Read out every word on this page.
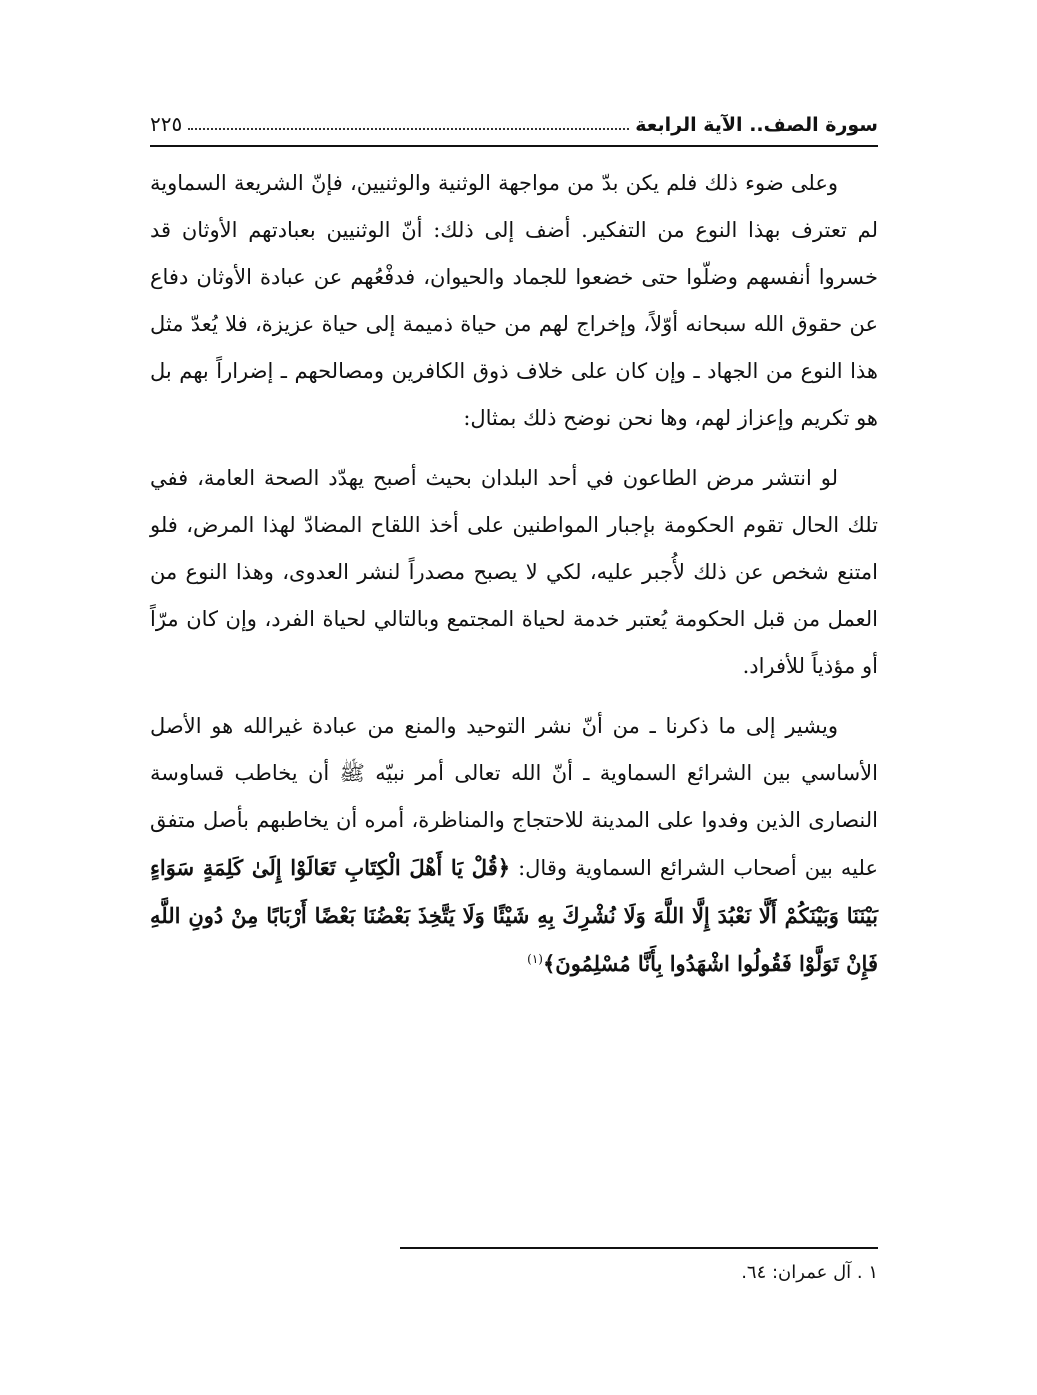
سورة الصف.. الآية الرابعة
٢٢٥

وعلى ضوء ذلك فلم يكن بدّ من مواجهة الوثنية والوثنيين، فإنّ الشريعة السماوية لم تعترف بهذا النوع من التفكير. أضف إلى ذلك: أنّ الوثنيين بعبادتهم الأوثان قد خسروا أنفسهم وضلّوا حتى خضعوا للجماد والحيوان، فدفْعُهم عن عبادة الأوثان دفاع عن حقوق الله سبحانه أوّلاً، وإخراج لهم من حياة ذميمة إلى حياة عزيزة، فلا يُعدّ مثل هذا النوع من الجهاد ـ وإن كان على خلاف ذوق الكافرين ومصالحهم ـ إضراراً بهم بل هو تكريم وإعزاز لهم، وها نحن نوضح ذلك بمثال:

لو انتشر مرض الطاعون في أحد البلدان بحيث أصبح يهدّد الصحة العامة، ففي تلك الحال تقوم الحكومة بإجبار المواطنين على أخذ اللقاح المضادّ لهذا المرض، فلو امتنع شخص عن ذلك لأُجبر عليه، لكي لا يصبح مصدراً لنشر العدوى، وهذا النوع من العمل من قبل الحكومة يُعتبر خدمة لحياة المجتمع وبالتالي لحياة الفرد، وإن كان مرّاً أو مؤذياً للأفراد.

ويشير إلى ما ذكرنا ـ من أنّ نشر التوحيد والمنع من عبادة غيرالله هو الأصل الأساسي بين الشرائع السماوية ـ أنّ الله تعالى أمر نبيّه ﷺ أن يخاطب قساوسة النصارى الذين وفدوا على المدينة للاحتجاج والمناظرة، أمره أن يخاطبهم بأصل متفق عليه بين أصحاب الشرائع السماوية وقال: ﴿قُلْ يَا أَهْلَ الْكِتَابِ تَعَالَوْا إِلَىٰ كَلِمَةٍ سَوَاءٍ بَيْنَنَا وَبَيْنَكُمْ أَلَّا نَعْبُدَ إِلَّا اللَّهَ وَلَا نُشْرِكَ بِهِ شَيْئًا وَلَا يَتَّخِذَ بَعْضُنَا بَعْضًا أَرْبَابًا مِنْ دُونِ اللَّهِ فَإِنْ تَوَلَّوْا فَقُولُوا اشْهَدُوا بِأَنَّا مُسْلِمُونَ﴾$^{(١)}$

١ . آل عمران: ٦٤.
